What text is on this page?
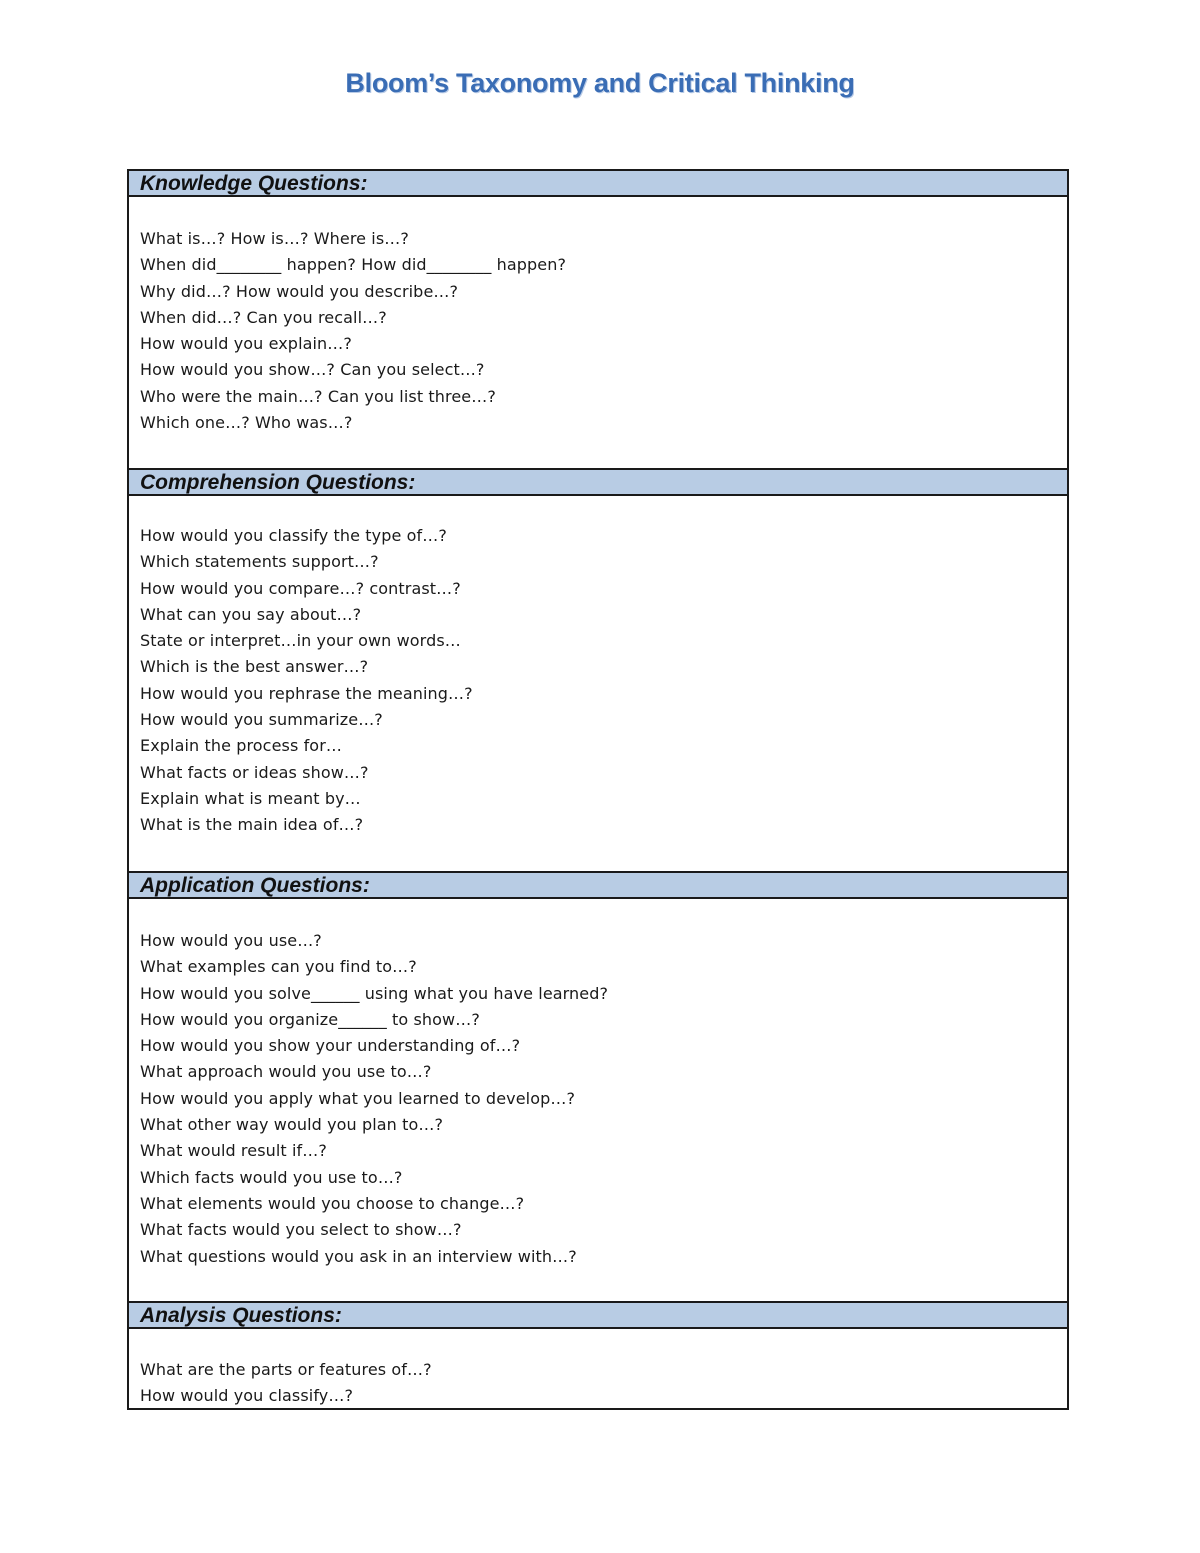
Bloom’s Taxonomy and Critical Thinking
Knowledge Questions:
What is…? How is…? Where is…?
When did________ happen? How did________ happen?
Why did…? How would you describe…?
When did…? Can you recall…?
How would you explain…?
How would you show…? Can you select…?
Who were the main…? Can you list three…?
Which one…? Who was…?
Comprehension Questions:
How would you classify the type of…?
Which statements support…?
How would you compare…? contrast…?
What can you say about…?
State or interpret…in your own words…
Which is the best answer…?
How would you rephrase the meaning…?
How would you summarize…?
Explain the process for…
What facts or ideas show…?
Explain what is meant by…
What is the main idea of…?
Application Questions:
How would you use…?
What examples can you find to…?
How would you solve______ using what you have learned?
How would you organize______ to show…?
How would you show your understanding of…?
What approach would you use to…?
How would you apply what you learned to develop…?
What other way would you plan to…?
What would result if…?
Which facts would you use to…?
What elements would you choose to change…?
What facts would you select to show…?
What questions would you ask in an interview with…?
Analysis Questions:
What are the parts or features of…?
How would you classify…?
